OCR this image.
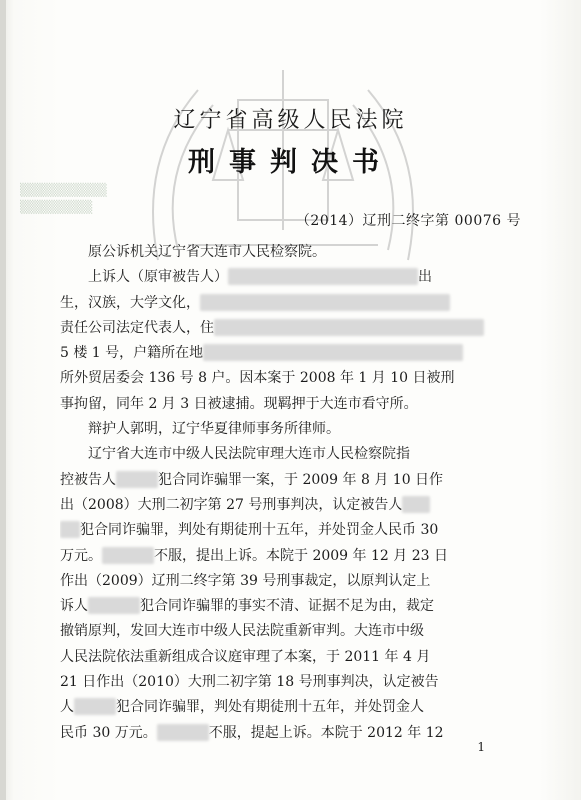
▒▒▒▒▒▒▒▒▒▒▒▒
▒▒▒▒▒▒▒▒▒▒
辽宁省高级人民法院
刑事判决书
（2014）辽刑二终字第 00076 号
原公诉机关辽宁省大连市人民检察院。
上诉人（原审被告人）	出
生，汉族，大学文化，
责任公司法定代表人，住
5 楼 1 号，户籍所在地
所外贸居委会 136 号 8 户。因本案于 2008 年 1 月 10 日被刑
事拘留，同年 2 月 3 日被逮捕。现羁押于大连市看守所。
辩护人郭明，辽宁华夏律师事务所律师。
辽宁省大连市中级人民法院审理大连市人民检察院指
控被告人	犯合同诈骗罪一案，于 2009 年 8 月 10 日作
出（2008）大刑二初字第 27 号刑事判决，认定被告人
犯合同诈骗罪，判处有期徒刑十五年，并处罚金人民币 30
万元。	不服，提出上诉。本院于 2009 年 12 月 23 日
作出（2009）辽刑二终字第 39 号刑事裁定，以原判认定上
诉人	犯合同诈骗罪的事实不清、证据不足为由，裁定
撤销原判，发回大连市中级人民法院重新审判。大连市中级
人民法院依法重新组成合议庭审理了本案，于 2011 年 4 月
21 日作出（2010）大刑二初字第 18 号刑事判决，认定被告
人	犯合同诈骗罪，判处有期徒刑十五年，并处罚金人
民币 30 万元。	不服，提起上诉。本院于 2012 年 12
1
